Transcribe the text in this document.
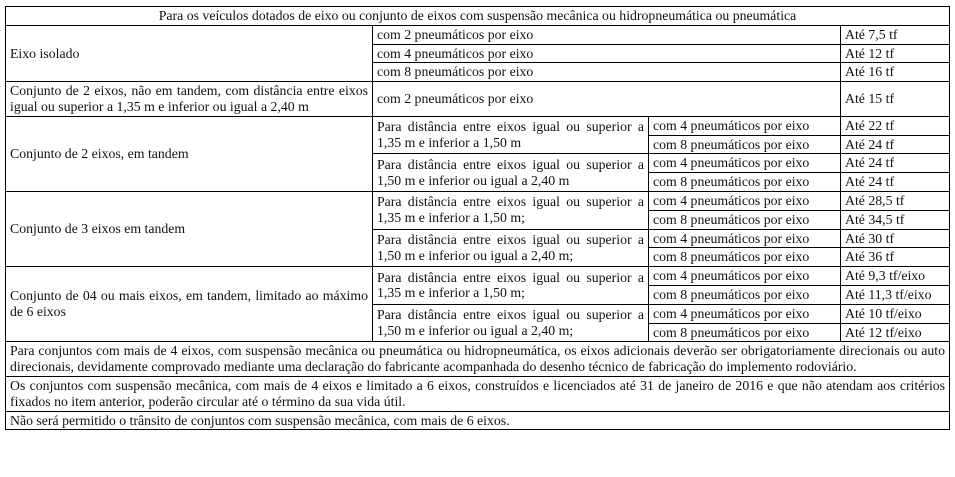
Para os veículos dotados de eixo ou conjunto de eixos com suspensão mecânica ou hidropneumática ou pneumática			
Eixo isolado	com 2 pneumáticos por eixo		Até 7,5 tf
	com 4 pneumáticos por eixo		Até 12 tf
	com 8 pneumáticos por eixo		Até 16 tf
Conjunto de 2 eixos, não em tandem, com distância entre eixos igual ou superior a 1,35 m e inferior ou igual a 2,40 m	com 2 pneumáticos por eixo		Até 15 tf
Conjunto de 2 eixos, em tandem	Para distância entre eixos igual ou superior a 1,35 m e inferior a 1,50 m	com 4 pneumáticos por eixo	Até 22 tf
		com 8 pneumáticos por eixo	Até 24 tf
	Para distância entre eixos igual ou superior a 1,50 m e inferior ou igual a 2,40 m	com 4 pneumáticos por eixo	Até 24 tf
		com 8 pneumáticos por eixo	Até 24 tf
Conjunto de 3 eixos em tandem	Para distância entre eixos igual ou superior a 1,35 m e inferior a 1,50 m;	com 4 pneumáticos por eixo	Até 28,5 tf
		com 8 pneumáticos por eixo	Até 34,5 tf
	Para distância entre eixos igual ou superior a 1,50 m e inferior ou igual a 2,40 m;	com 4 pneumáticos por eixo	Até 30 tf
		com 8 pneumáticos por eixo	Até 36 tf
Conjunto de 04 ou mais eixos, em tandem, limitado ao máximo de 6 eixos	Para distância entre eixos igual ou superior a 1,35 m e inferior a 1,50 m;	com 4 pneumáticos por eixo	Até 9,3 tf/eixo
		com 8 pneumáticos por eixo	Até 11,3 tf/eixo
	Para distância entre eixos igual ou superior a 1,50 m e inferior ou igual a 2,40 m;	com 4 pneumáticos por eixo	Até 10 tf/eixo
		com 8 pneumáticos por eixo	Até 12 tf/eixo
Para conjuntos com mais de 4 eixos, com suspensão mecânica ou pneumática ou hidropneumática, os eixos adicionais deverão ser obrigatoriamente direcionais ou auto direcionais, devidamente comprovado mediante uma declaração do fabricante acompanhada do desenho técnico de fabricação do implemento rodoviário.			
Os conjuntos com suspensão mecânica, com mais de 4 eixos e limitado a 6 eixos, construídos e licenciados até 31 de janeiro de 2016 e que não atendam aos critérios fixados no item anterior, poderão circular até o término da sua vida útil.			
Não será permitido o trânsito de conjuntos com suspensão mecânica, com mais de 6 eixos.			
